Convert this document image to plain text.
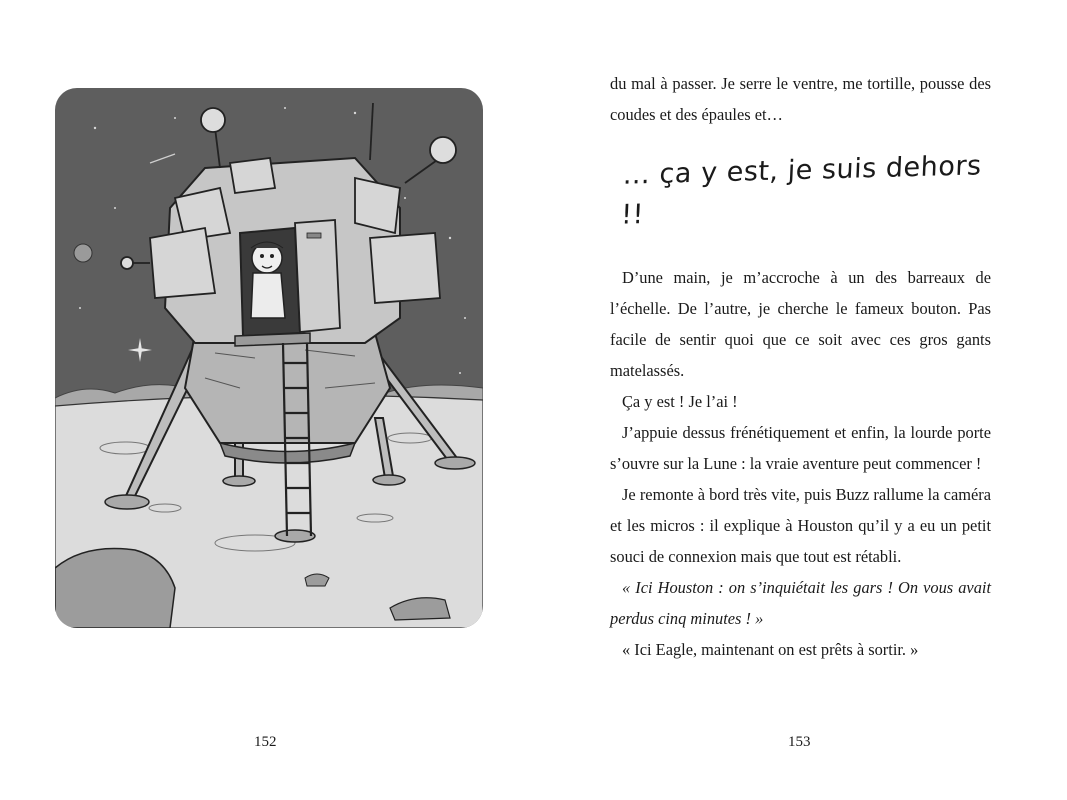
152

du mal à passer. Je serre le ventre, me tortille, pousse des coudes et des épaules et…

… ça y est, je suis dehors !!

D’une main, je m’accroche à un des barreaux de l’échelle. De l’autre, je cherche le fameux bouton. Pas facile de sentir quoi que ce soit avec ces gros gants matelassés.

Ça y est ! Je l’ai !

J’appuie dessus frénétiquement et enfin, la lourde porte s’ouvre sur la Lune : la vraie aventure peut commencer !

Je remonte à bord très vite, puis Buzz rallume la caméra et les micros : il explique à Houston qu’il y a eu un petit souci de connexion mais que tout est rétabli.

« Ici Houston : on s’inquiétait les gars ! On vous avait perdus cinq minutes ! »

« Ici Eagle, maintenant on est prêts à sortir. »

153
